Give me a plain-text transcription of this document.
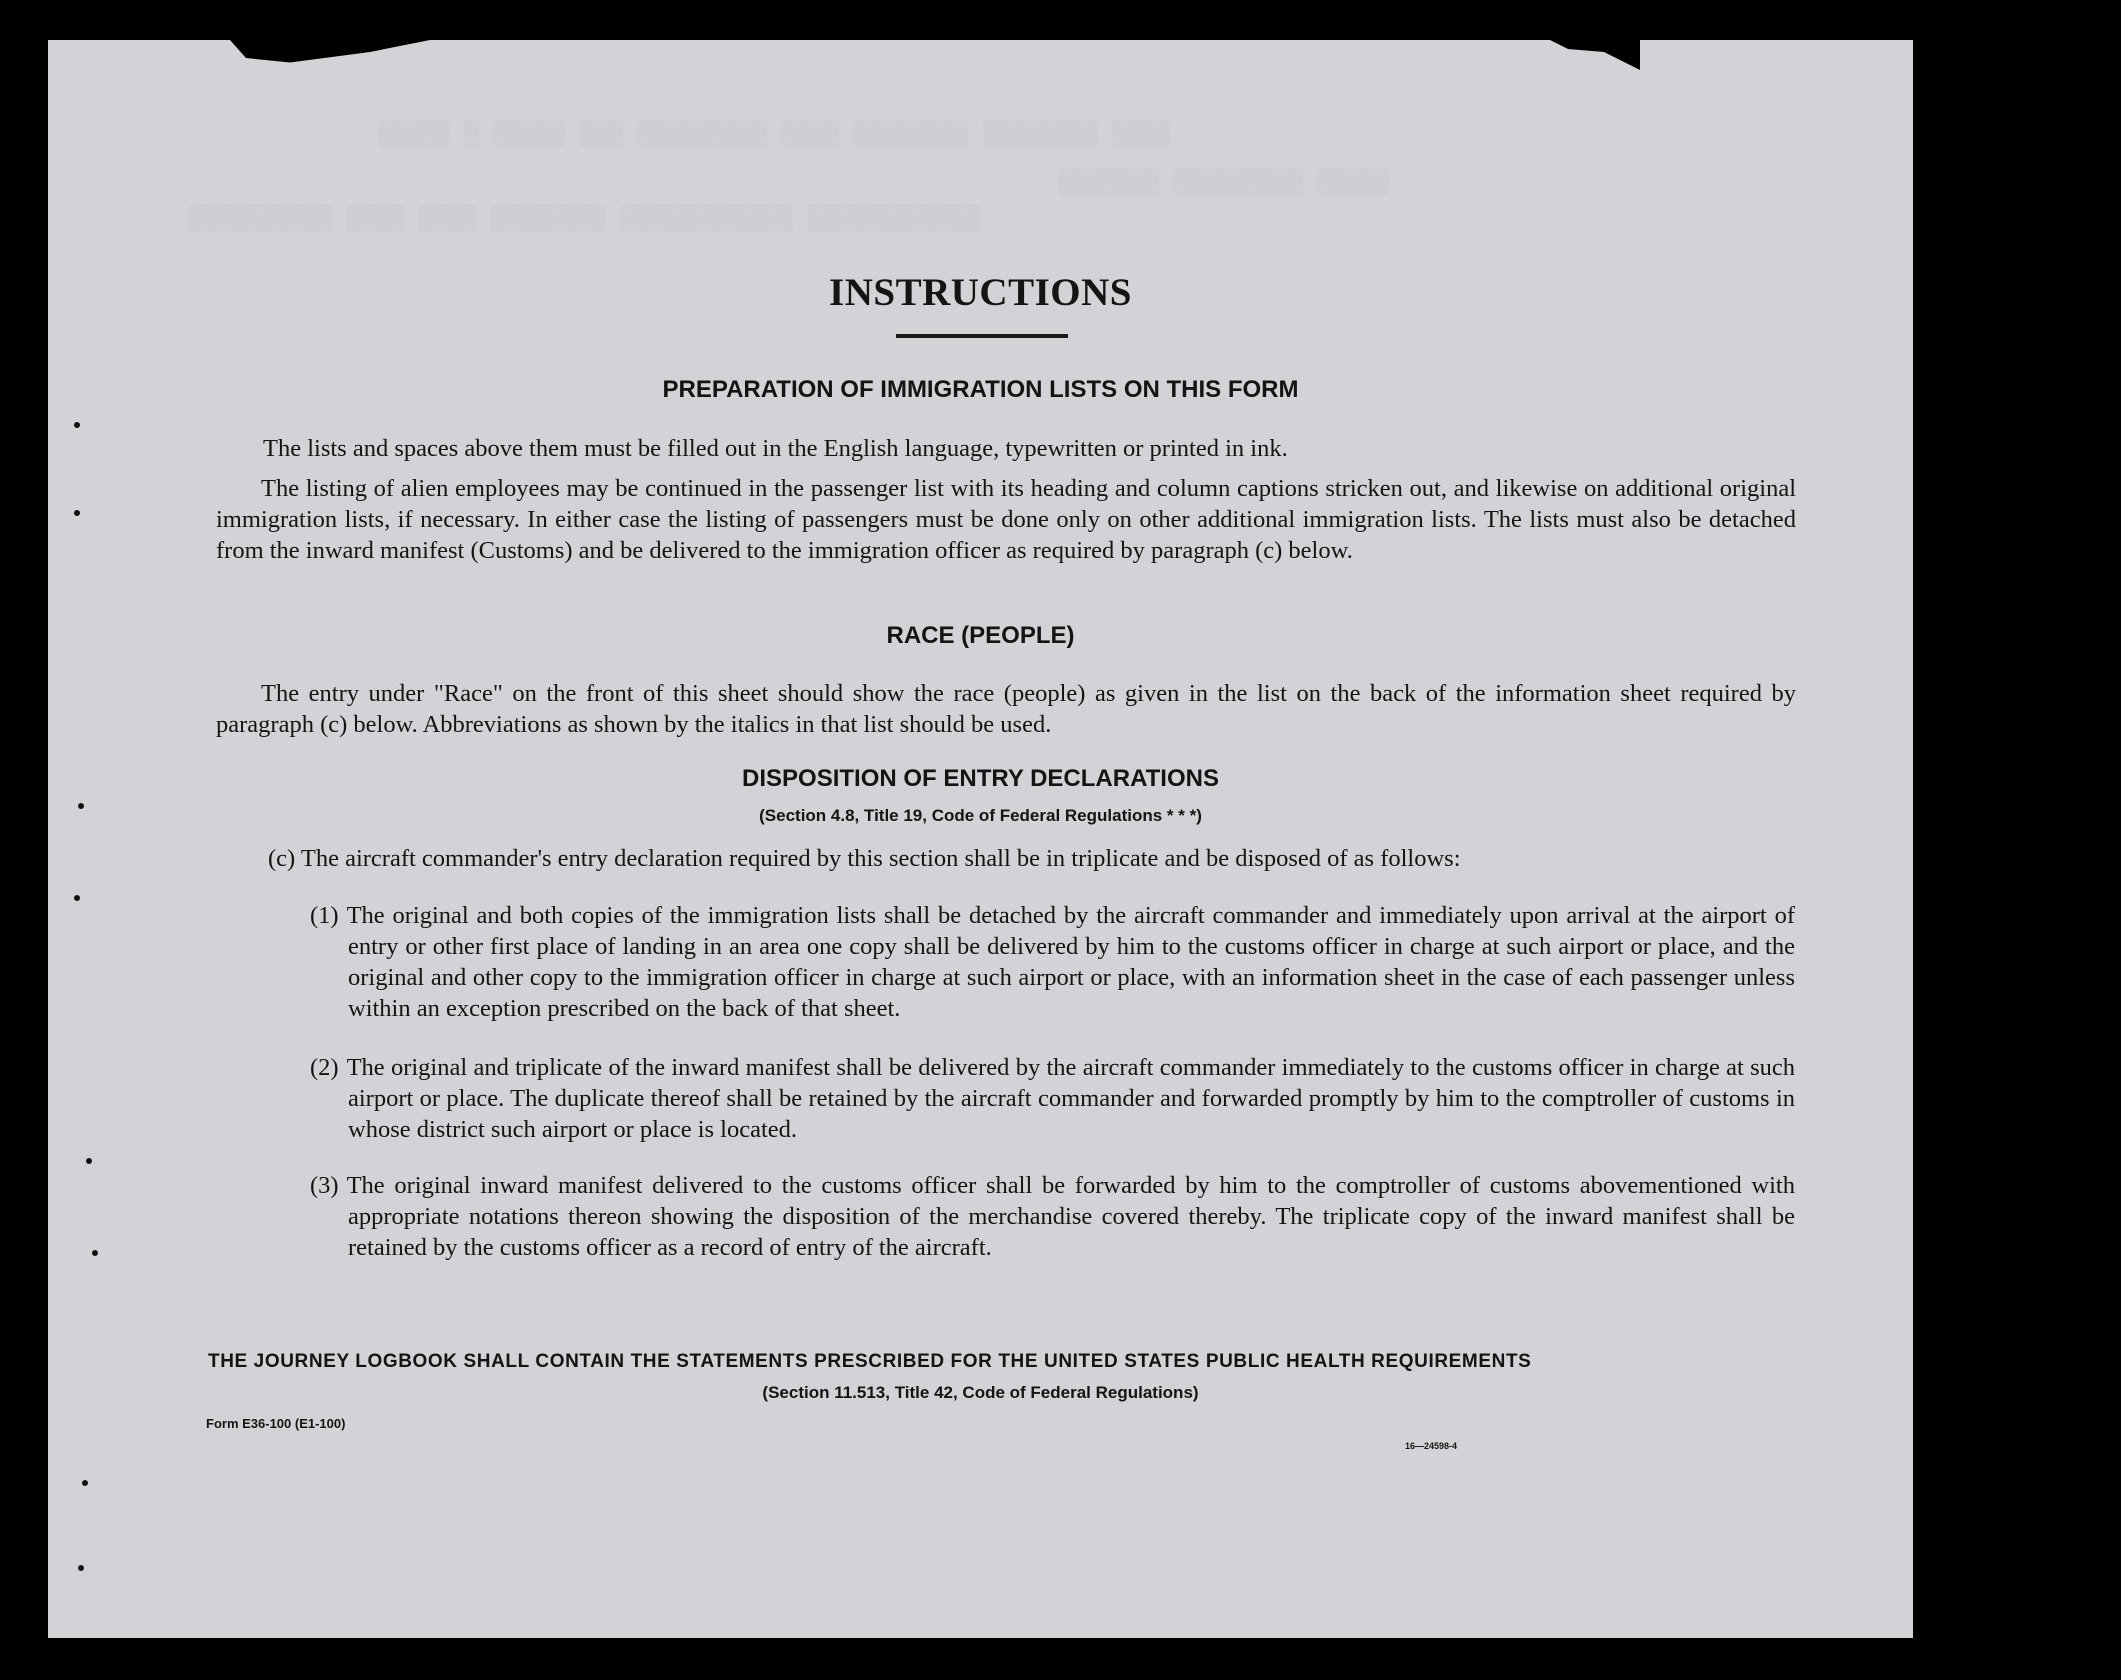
▒▒▒▒ ▒▒▒▒▒▒▒▒ ▒▒▒▒▒▒▒▒ ▒▒▒▒ ▒▒▒▒▒▒▒▒▒ ▒▒▒ ▒▒▒▒▒ ▒ ▒▒▒▒▒
▒▒▒▒▒ ▒▒▒▒▒▒▒▒▒ ▒▒▒▒▒▒▒
▒▒▒▒▒▒▒▒▒▒▒▒ ▒▒▒▒▒▒▒▒▒▒▒▒ ▒▒▒▒▒▒▒▒ ▒▒▒▒ ▒▒▒▒ ▒▒▒▒▒▒▒▒▒▒
INSTRUCTIONS
PREPARATION OF IMMIGRATION LISTS ON THIS FORM
The lists and spaces above them must be filled out in the English language, typewritten or printed in ink.
The listing of alien employees may be continued in the passenger list with its heading and column captions stricken out, and likewise on additional original immigration lists, if necessary. In either case the listing of passengers must be done only on other additional immigration lists. The lists must also be detached from the inward manifest (Customs) and be delivered to the immigration officer as required by paragraph (c) below.
RACE (PEOPLE)
The entry under "Race" on the front of this sheet should show the race (people) as given in the list on the back of the information sheet required by paragraph (c) below. Abbreviations as shown by the italics in that list should be used.
DISPOSITION OF ENTRY DECLARATIONS
(Section 4.8, Title 19, Code of Federal Regulations * * *)
(c) The aircraft commander's entry declaration required by this section shall be in triplicate and be disposed of as follows:
(1) The original and both copies of the immigration lists shall be detached by the aircraft commander and immediately upon arrival at the airport of entry or other first place of landing in an area one copy shall be delivered by him to the customs officer in charge at such airport or place, and the original and other copy to the immigration officer in charge at such airport or place, with an information sheet in the case of each passenger unless within an exception prescribed on the back of that sheet.
(2) The original and triplicate of the inward manifest shall be delivered by the aircraft commander immediately to the customs officer in charge at such airport or place. The duplicate thereof shall be retained by the aircraft commander and forwarded promptly by him to the comptroller of customs in whose district such airport or place is located.
(3) The original inward manifest delivered to the customs officer shall be forwarded by him to the comptroller of customs abovementioned with appropriate notations thereon showing the disposition of the merchandise covered thereby. The triplicate copy of the inward manifest shall be retained by the customs officer as a record of entry of the aircraft.
THE JOURNEY LOGBOOK SHALL CONTAIN THE STATEMENTS PRESCRIBED FOR THE UNITED STATES PUBLIC HEALTH REQUIREMENTS
(Section 11.513, Title 42, Code of Federal Regulations)
Form E36-100 (E1-100)
16—24598-4
